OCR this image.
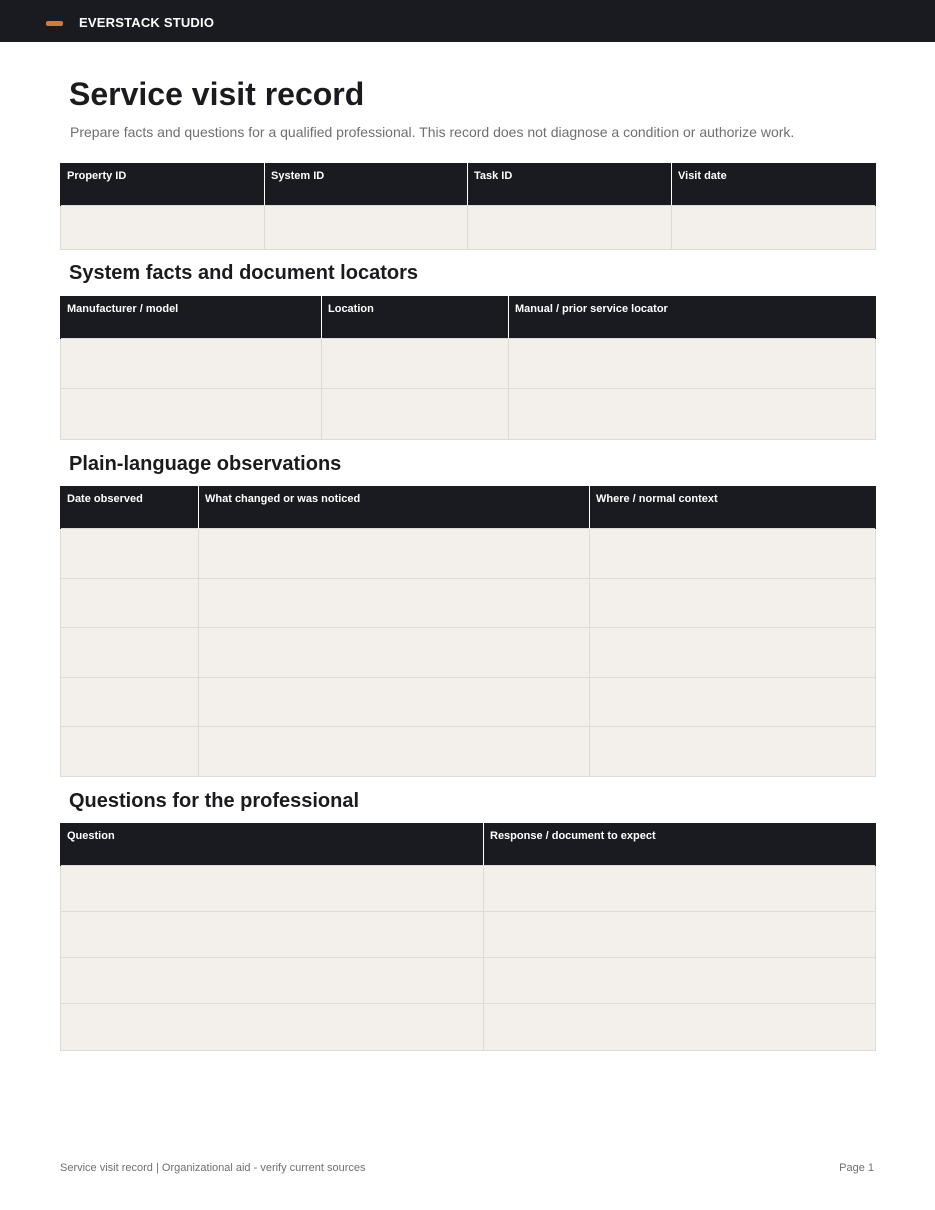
EVERSTACK STUDIO
Service visit record

Prepare facts and questions for a qualified professional. This record does not diagnose a condition or authorize work.

Property ID	System ID	Task ID	Visit date

System facts and document locators
Manufacturer / model	Location	Manual / prior service locator

Plain-language observations
Date observed	What changed or was noticed	Where / normal context

Questions for the professional
Question	Response / document to expect

Service visit record | Organizational aid - verify current sources	Page 1
